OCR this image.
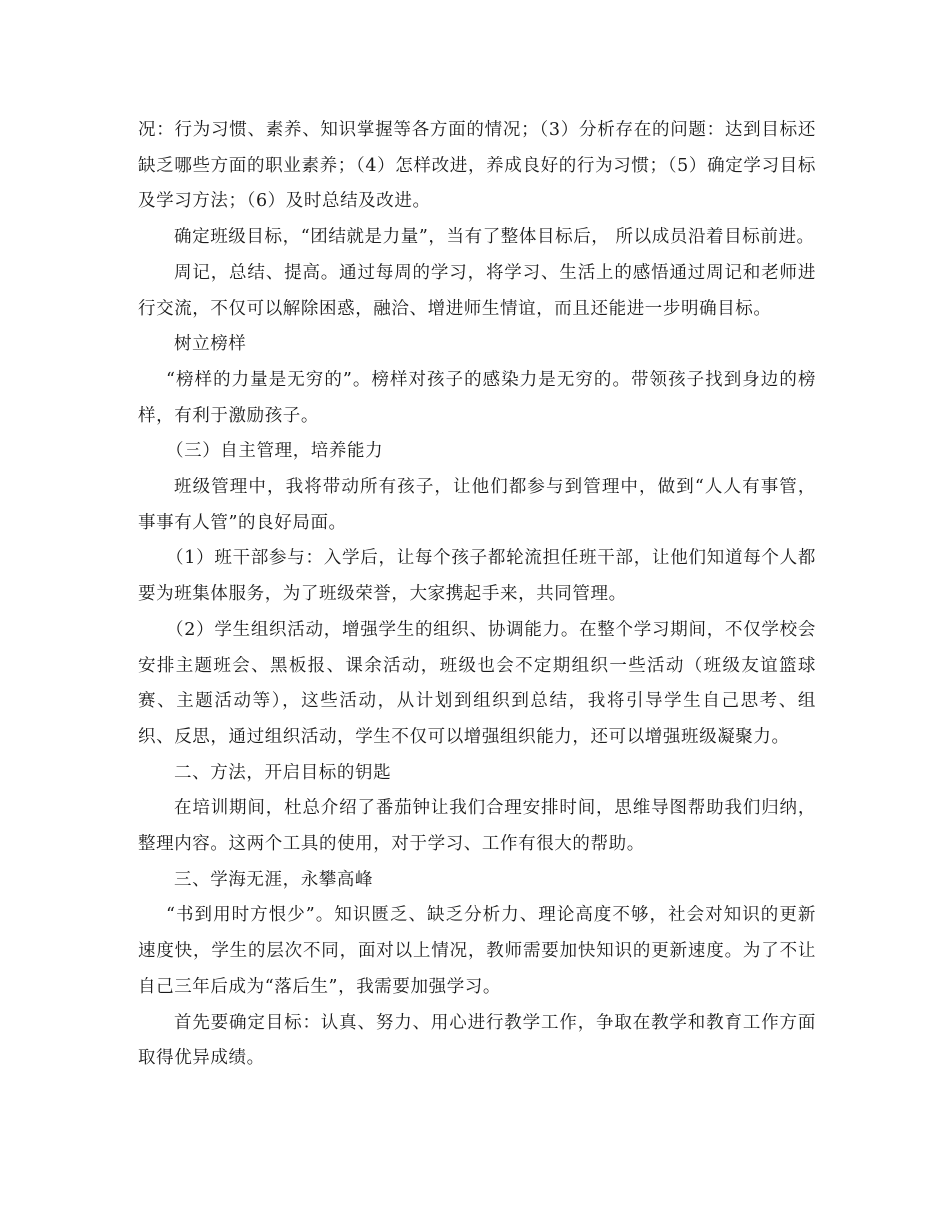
况：行为习惯、素养、知识掌握等各方面的情况；（3）分析存在的问题：达到目标还缺乏哪些方面的职业素养；（4）怎样改进，养成良好的行为习惯；（5）确定学习目标及学习方法；（6）及时总结及改进。

确定班级目标，“团结就是力量”，当有了整体目标后， 所以成员沿着目标前进。

周记，总结、提高。通过每周的学习，将学习、生活上的感悟通过周记和老师进行交流，不仅可以解除困惑，融洽、增进师生情谊，而且还能进一步明确目标。

树立榜样

“榜样的力量是无穷的”。榜样对孩子的感染力是无穷的。带领孩子找到身边的榜样，有利于激励孩子。

（三）自主管理，培养能力

班级管理中，我将带动所有孩子，让他们都参与到管理中，做到“人人有事管，事事有人管”的良好局面。

（1）班干部参与：入学后，让每个孩子都轮流担任班干部，让他们知道每个人都要为班集体服务，为了班级荣誉，大家携起手来，共同管理。

（2）学生组织活动，增强学生的组织、协调能力。在整个学习期间，不仅学校会安排主题班会、黑板报、课余活动，班级也会不定期组织一些活动（班级友谊篮球赛、主题活动等），这些活动，从计划到组织到总结，我将引导学生自己思考、组织、反思，通过组织活动，学生不仅可以增强组织能力，还可以增强班级凝聚力。

二、方法，开启目标的钥匙

在培训期间，杜总介绍了番茄钟让我们合理安排时间，思维导图帮助我们归纳，整理内容。这两个工具的使用，对于学习、工作有很大的帮助。

三、学海无涯，永攀高峰

“书到用时方恨少”。知识匮乏、缺乏分析力、理论高度不够，社会对知识的更新速度快，学生的层次不同，面对以上情况，教师需要加快知识的更新速度。为了不让自己三年后成为“落后生”，我需要加强学习。

首先要确定目标：认真、努力、用心进行教学工作，争取在教学和教育工作方面取得优异成绩。
